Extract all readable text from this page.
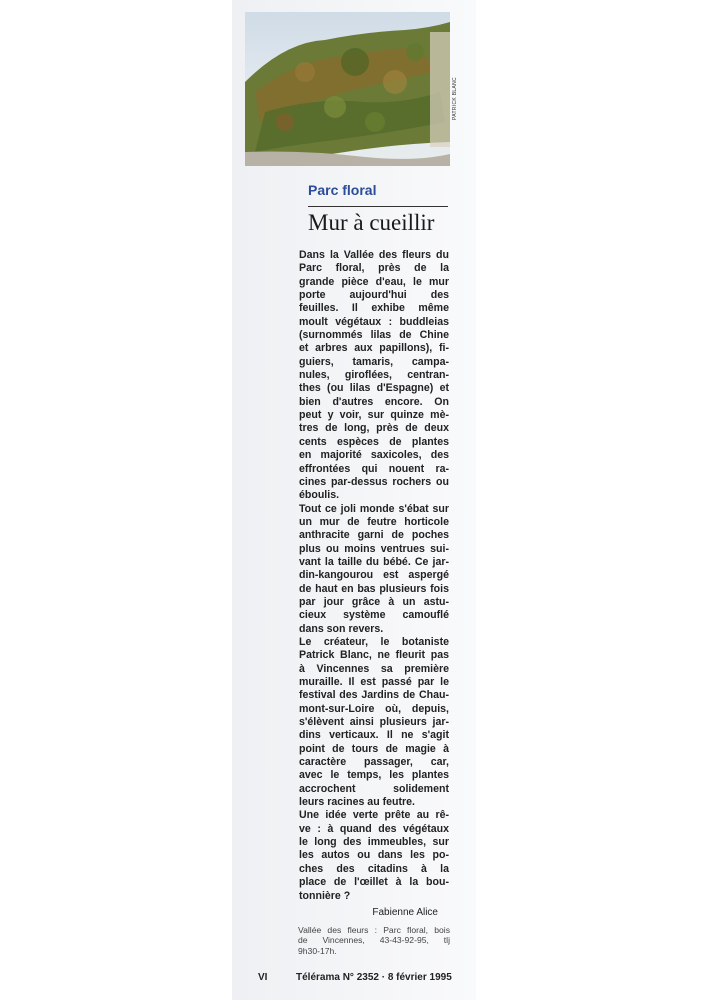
PATRICK BLANC
Parc floral
Mur à cueillir

Dans la Vallée des fleurs du
Parc floral, près de la
grande pièce d'eau, le mur
porte aujourd'hui des
feuilles. Il exhibe même
moult végétaux : buddleias
(surnommés lilas de Chine
et arbres aux papillons), fi-
guiers, tamaris, campa-
nules, giroflées, centran-
thes (ou lilas d'Espagne) et
bien d'autres encore. On
peut y voir, sur quinze mè-
tres de long, près de deux
cents espèces de plantes
en majorité saxicoles, des
effrontées qui nouent ra-
cines par-dessus rochers ou
éboulis.

Tout ce joli monde s'ébat sur
un mur de feutre horticole
anthracite garni de poches
plus ou moins ventrues sui-
vant la taille du bébé. Ce jar-
din-kangourou est aspergé
de haut en bas plusieurs fois
par jour grâce à un astu-
cieux système camouflé
dans son revers.

Le créateur, le botaniste
Patrick Blanc, ne fleurit pas
à Vincennes sa première
muraille. Il est passé par le
festival des Jardins de Chau-
mont-sur-Loire où, depuis,
s'élèvent ainsi plusieurs jar-
dins verticaux. Il ne s'agit
point de tours de magie à
caractère passager, car,
avec le temps, les plantes
accrochent solidement
leurs racines au feutre.

Une idée verte prête au rê-
ve : à quand des végétaux
le long des immeubles, sur
les autos ou dans les po-
ches des citadins à la
place de l'œillet à la bou-
tonnière ?

Fabienne Alice
Vallée des fleurs : Parc floral, bois
de Vincennes, 43-43-92-95, tlj
9h30-17h.
VI	Télérama N° 2352 · 8 février 1995
